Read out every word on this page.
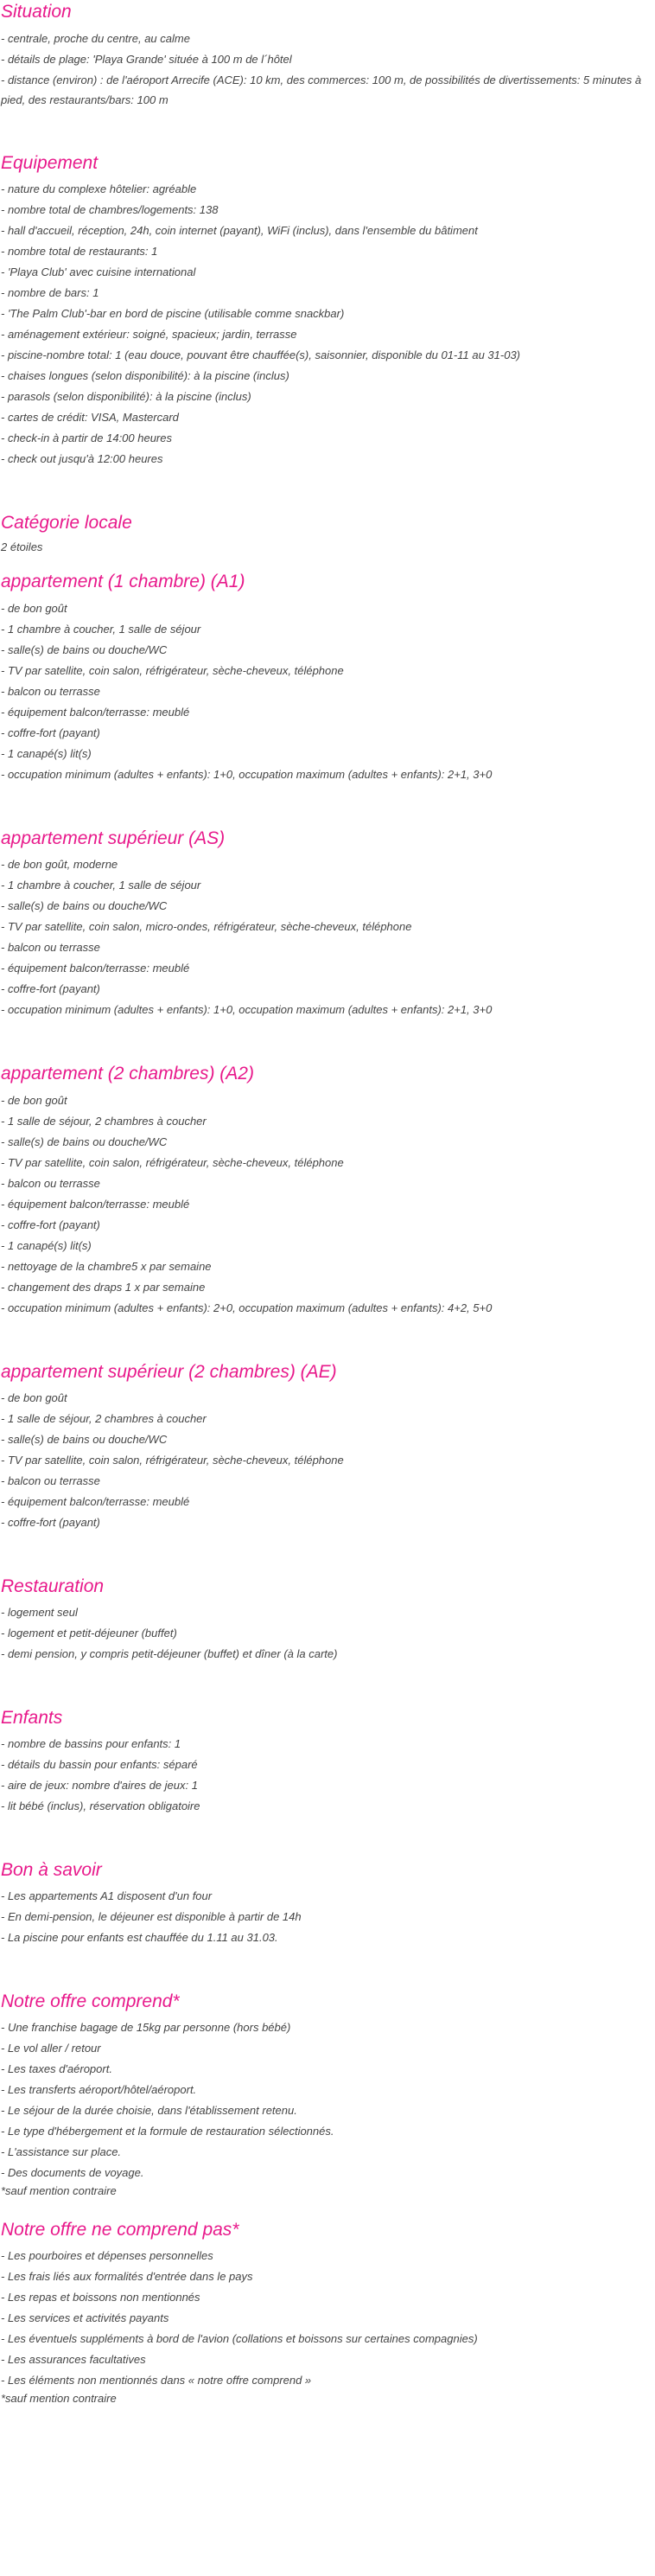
Situation

- centrale, proche du centre, au calme

- détails de plage: 'Playa Grande' située à 100 m de l´hôtel

- distance (environ) : de l'aéroport Arrecife (ACE): 10 km, des commerces: 100 m, de possibilités de divertissements: 5 minutes à pied, des restaurants/bars: 100 m

Equipement

- nature du complexe hôtelier: agréable

- nombre total de chambres/logements: 138

- hall d'accueil, réception, 24h, coin internet (payant), WiFi (inclus), dans l'ensemble du bâtiment

- nombre total de restaurants: 1

- 'Playa Club' avec cuisine international

- nombre de bars: 1

- 'The Palm Club'-bar en bord de piscine (utilisable comme snackbar)

- aménagement extérieur: soigné, spacieux; jardin, terrasse

- piscine-nombre total: 1 (eau douce, pouvant être chauffée(s), saisonnier, disponible du 01-11 au 31-03)

- chaises longues (selon disponibilité): à la piscine (inclus)

- parasols (selon disponibilité): à la piscine (inclus)

- cartes de crédit: VISA, Mastercard

- check-in à partir de 14:00 heures

- check out jusqu'à 12:00 heures

Catégorie locale

2 étoiles

appartement (1 chambre) (A1)

- de bon goût

- 1 chambre à coucher, 1 salle de séjour

- salle(s) de bains ou douche/WC

- TV par satellite, coin salon, réfrigérateur, sèche-cheveux, téléphone

- balcon ou terrasse

- équipement balcon/terrasse: meublé

- coffre-fort (payant)

- 1 canapé(s) lit(s)

- occupation minimum (adultes + enfants): 1+0, occupation maximum (adultes + enfants): 2+1, 3+0

appartement supérieur (AS)

- de bon goût, moderne

- 1 chambre à coucher, 1 salle de séjour

- salle(s) de bains ou douche/WC

- TV par satellite, coin salon, micro-ondes, réfrigérateur, sèche-cheveux, téléphone

- balcon ou terrasse

- équipement balcon/terrasse: meublé

- coffre-fort (payant)

- occupation minimum (adultes + enfants): 1+0, occupation maximum (adultes + enfants): 2+1, 3+0

appartement (2 chambres) (A2)

- de bon goût

- 1 salle de séjour, 2 chambres à coucher

- salle(s) de bains ou douche/WC

- TV par satellite, coin salon, réfrigérateur, sèche-cheveux, téléphone

- balcon ou terrasse

- équipement balcon/terrasse: meublé

- coffre-fort (payant)

- 1 canapé(s) lit(s)

- nettoyage de la chambre5 x par semaine

- changement des draps 1 x par semaine

- occupation minimum (adultes + enfants): 2+0, occupation maximum (adultes + enfants): 4+2, 5+0

appartement supérieur (2 chambres) (AE)

- de bon goût

- 1 salle de séjour, 2 chambres à coucher

- salle(s) de bains ou douche/WC

- TV par satellite, coin salon, réfrigérateur, sèche-cheveux, téléphone

- balcon ou terrasse

- équipement balcon/terrasse: meublé

- coffre-fort (payant)

Restauration

- logement seul

- logement et petit-déjeuner (buffet)

- demi pension, y compris petit-déjeuner (buffet) et dîner (à la carte)

Enfants

- nombre de bassins pour enfants: 1

- détails du bassin pour enfants: séparé

- aire de jeux: nombre d'aires de jeux: 1

- lit bébé (inclus), réservation obligatoire

Bon à savoir

- Les appartements A1 disposent d'un four

- En demi-pension, le déjeuner est disponible à partir de 14h

- La piscine pour enfants est chauffée du 1.11 au 31.03.

Notre offre comprend*

- Une franchise bagage de 15kg par personne (hors bébé)

- Le vol aller / retour

- Les taxes d'aéroport.

- Les transferts aéroport/hôtel/aéroport.

- Le séjour de la durée choisie, dans l'établissement retenu.

- Le type d'hébergement et la formule de restauration sélectionnés.

- L'assistance sur place.

- Des documents de voyage.

*sauf mention contraire

Notre offre ne comprend pas*

- Les pourboires et dépenses personnelles

- Les frais liés aux formalités d'entrée dans le pays

- Les repas et boissons non mentionnés

- Les services et activités payants

- Les éventuels suppléments à bord de l'avion (collations et boissons sur certaines compagnies)

- Les assurances facultatives

- Les éléments non mentionnés dans « notre offre comprend »

*sauf mention contraire
